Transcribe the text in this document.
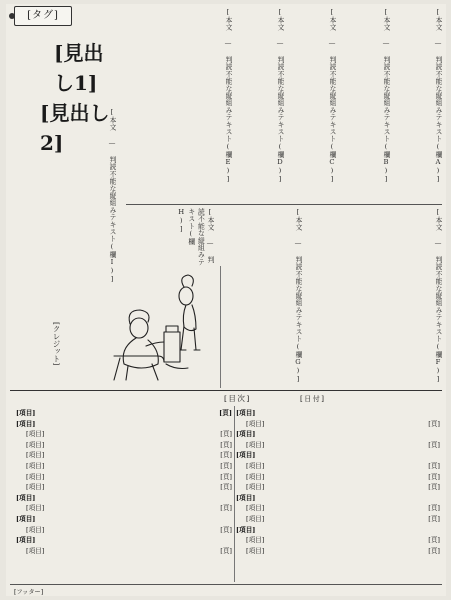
[タグ]
[見出し1]
[見出し2]	[本文 — 判読不能な縦組みテキスト(欄A)]

[本文 — 判読不能な縦組みテキスト(欄B)]

[本文 — 判読不能な縦組みテキスト(欄C)]

[本文 — 判読不能な縦組みテキスト(欄D)]

[本文 — 判読不能な縦組みテキスト(欄E)]

[本文 — 判読不能な縦組みテキスト(欄F)]

[本文 — 判読不能な縦組みテキスト(欄G)]

[本文 — 判読不能な縦組みテキスト(欄H)]

[本文 — 判読不能な縦組みテキスト(欄I)]

[クレジット]
[目次]	[日付]
[項目]	[頁]
[項目]
[項目]	[頁]
[項目]	[頁]
[項目]	[頁]
[項目]	[頁]
[項目]	[頁]
[項目]	[頁]
[項目]
[項目]	[頁]
[項目]
[項目]	[頁]
[項目]
[項目]	[頁]
[項目]
[項目]	[頁]
[項目]
[項目]	[頁]
[項目]
[項目]	[頁]
[項目]	[頁]
[項目]	[頁]
[項目]
[項目]	[頁]
[項目]	[頁]
[項目]
[項目]	[頁]
[項目]	[頁]
[フッター]
